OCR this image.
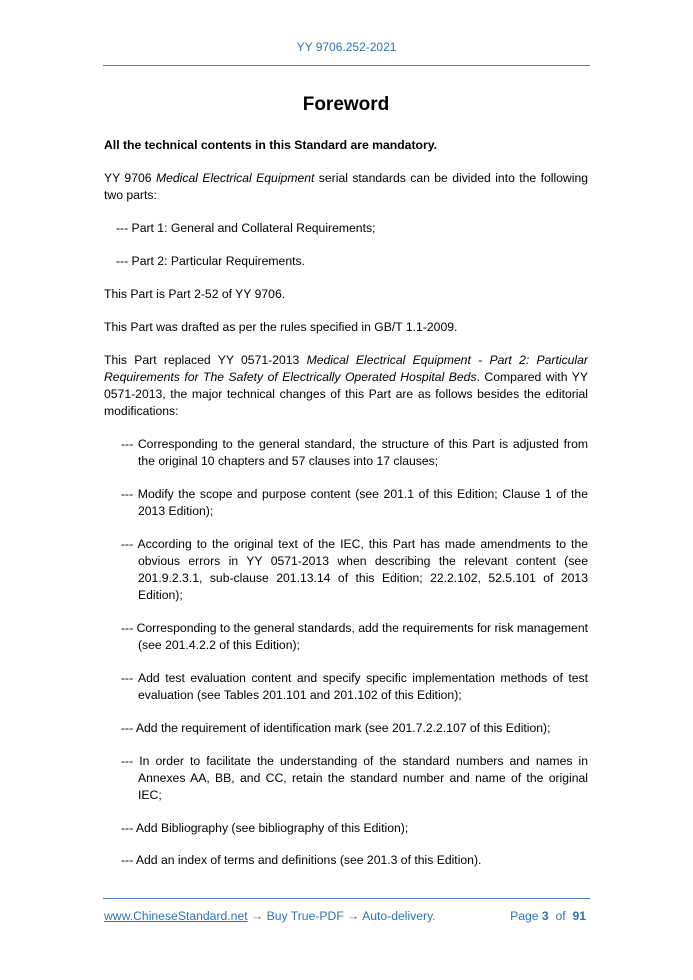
YY 9706.252-2021
Foreword

All the technical contents in this Standard are mandatory.

YY 9706 Medical Electrical Equipment serial standards can be divided into the following two parts:

--- Part 1: General and Collateral Requirements;

--- Part 2: Particular Requirements.

This Part is Part 2-52 of YY 9706.

This Part was drafted as per the rules specified in GB/T 1.1-2009.

This Part replaced YY 0571-2013 Medical Electrical Equipment - Part 2: Particular Requirements for The Safety of Electrically Operated Hospital Beds. Compared with YY 0571-2013, the major technical changes of this Part are as follows besides the editorial modifications:

--- Corresponding to the general standard, the structure of this Part is adjusted from the original 10 chapters and 57 clauses into 17 clauses;

--- Modify the scope and purpose content (see 201.1 of this Edition; Clause 1 of the 2013 Edition);

--- According to the original text of the IEC, this Part has made amendments to the obvious errors in YY 0571-2013 when describing the relevant content (see 201.9.2.3.1, sub-clause 201.13.14 of this Edition; 22.2.102, 52.5.101 of 2013 Edition);

--- Corresponding to the general standards, add the requirements for risk management (see 201.4.2.2 of this Edition);

--- Add test evaluation content and specify specific implementation methods of test evaluation (see Tables 201.101 and 201.102 of this Edition);

--- Add the requirement of identification mark (see 201.7.2.2.107 of this Edition);

--- In order to facilitate the understanding of the standard numbers and names in Annexes AA, BB, and CC, retain the standard number and name of the original IEC;

--- Add Bibliography (see bibliography of this Edition);

--- Add an index of terms and definitions (see 201.3 of this Edition).

www.ChineseStandard.net → Buy True-PDF → Auto-delivery.	Page 3 of 91
